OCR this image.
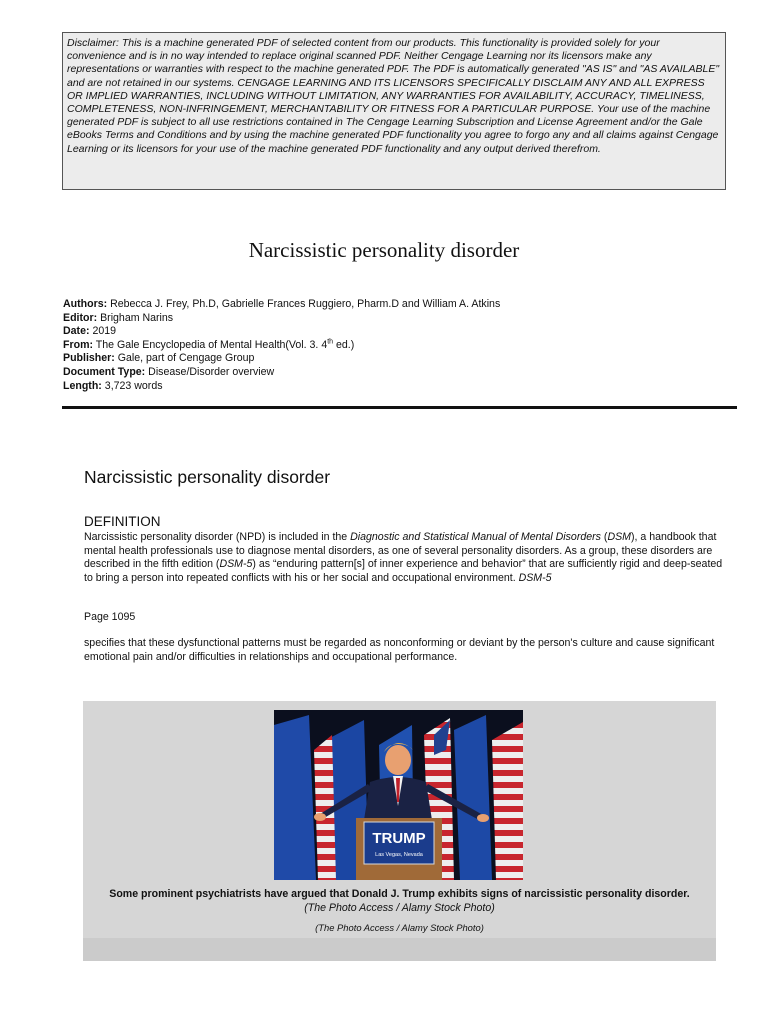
Disclaimer: This is a machine generated PDF of selected content from our products. This functionality is provided solely for your convenience and is in no way intended to replace original scanned PDF. Neither Cengage Learning nor its licensors make any representations or warranties with respect to the machine generated PDF. The PDF is automatically generated "AS IS" and "AS AVAILABLE" and are not retained in our systems. CENGAGE LEARNING AND ITS LICENSORS SPECIFICALLY DISCLAIM ANY AND ALL EXPRESS OR IMPLIED WARRANTIES, INCLUDING WITHOUT LIMITATION, ANY WARRANTIES FOR AVAILABILITY, ACCURACY, TIMELINESS, COMPLETENESS, NON-INFRINGEMENT, MERCHANTABILITY OR FITNESS FOR A PARTICULAR PURPOSE. Your use of the machine generated PDF is subject to all use restrictions contained in The Cengage Learning Subscription and License Agreement and/or the Gale eBooks Terms and Conditions and by using the machine generated PDF functionality you agree to forgo any and all claims against Cengage Learning or its licensors for your use of the machine generated PDF functionality and any output derived therefrom.
Narcissistic personality disorder
Authors: Rebecca J. Frey, Ph.D, Gabrielle Frances Ruggiero, Pharm.D and William A. Atkins
Editor: Brigham Narins
Date: 2019
From: The Gale Encyclopedia of Mental Health(Vol. 3. 4th ed.)
Publisher: Gale, part of Cengage Group
Document Type: Disease/Disorder overview
Length: 3,723 words
Narcissistic personality disorder
DEFINITION
Narcissistic personality disorder (NPD) is included in the Diagnostic and Statistical Manual of Mental Disorders (DSM), a handbook that mental health professionals use to diagnose mental disorders, as one of several personality disorders. As a group, these disorders are described in the fifth edition (DSM-5) as “enduring pattern[s] of inner experience and behavior” that are sufficiently rigid and deep-seated to bring a person into repeated conflicts with his or her social and occupational environment. DSM-5
Page 1095
specifies that these dysfunctional patterns must be regarded as nonconforming or deviant by the person's culture and cause significant emotional pain and/or difficulties in relationships and occupational performance.
TRUMP
Las Vegas, Nevada
Some prominent psychiatrists have argued that Donald J. Trump exhibits signs of narcissistic personality disorder.
(The Photo Access / Alamy Stock Photo)
(The Photo Access / Alamy Stock Photo)
